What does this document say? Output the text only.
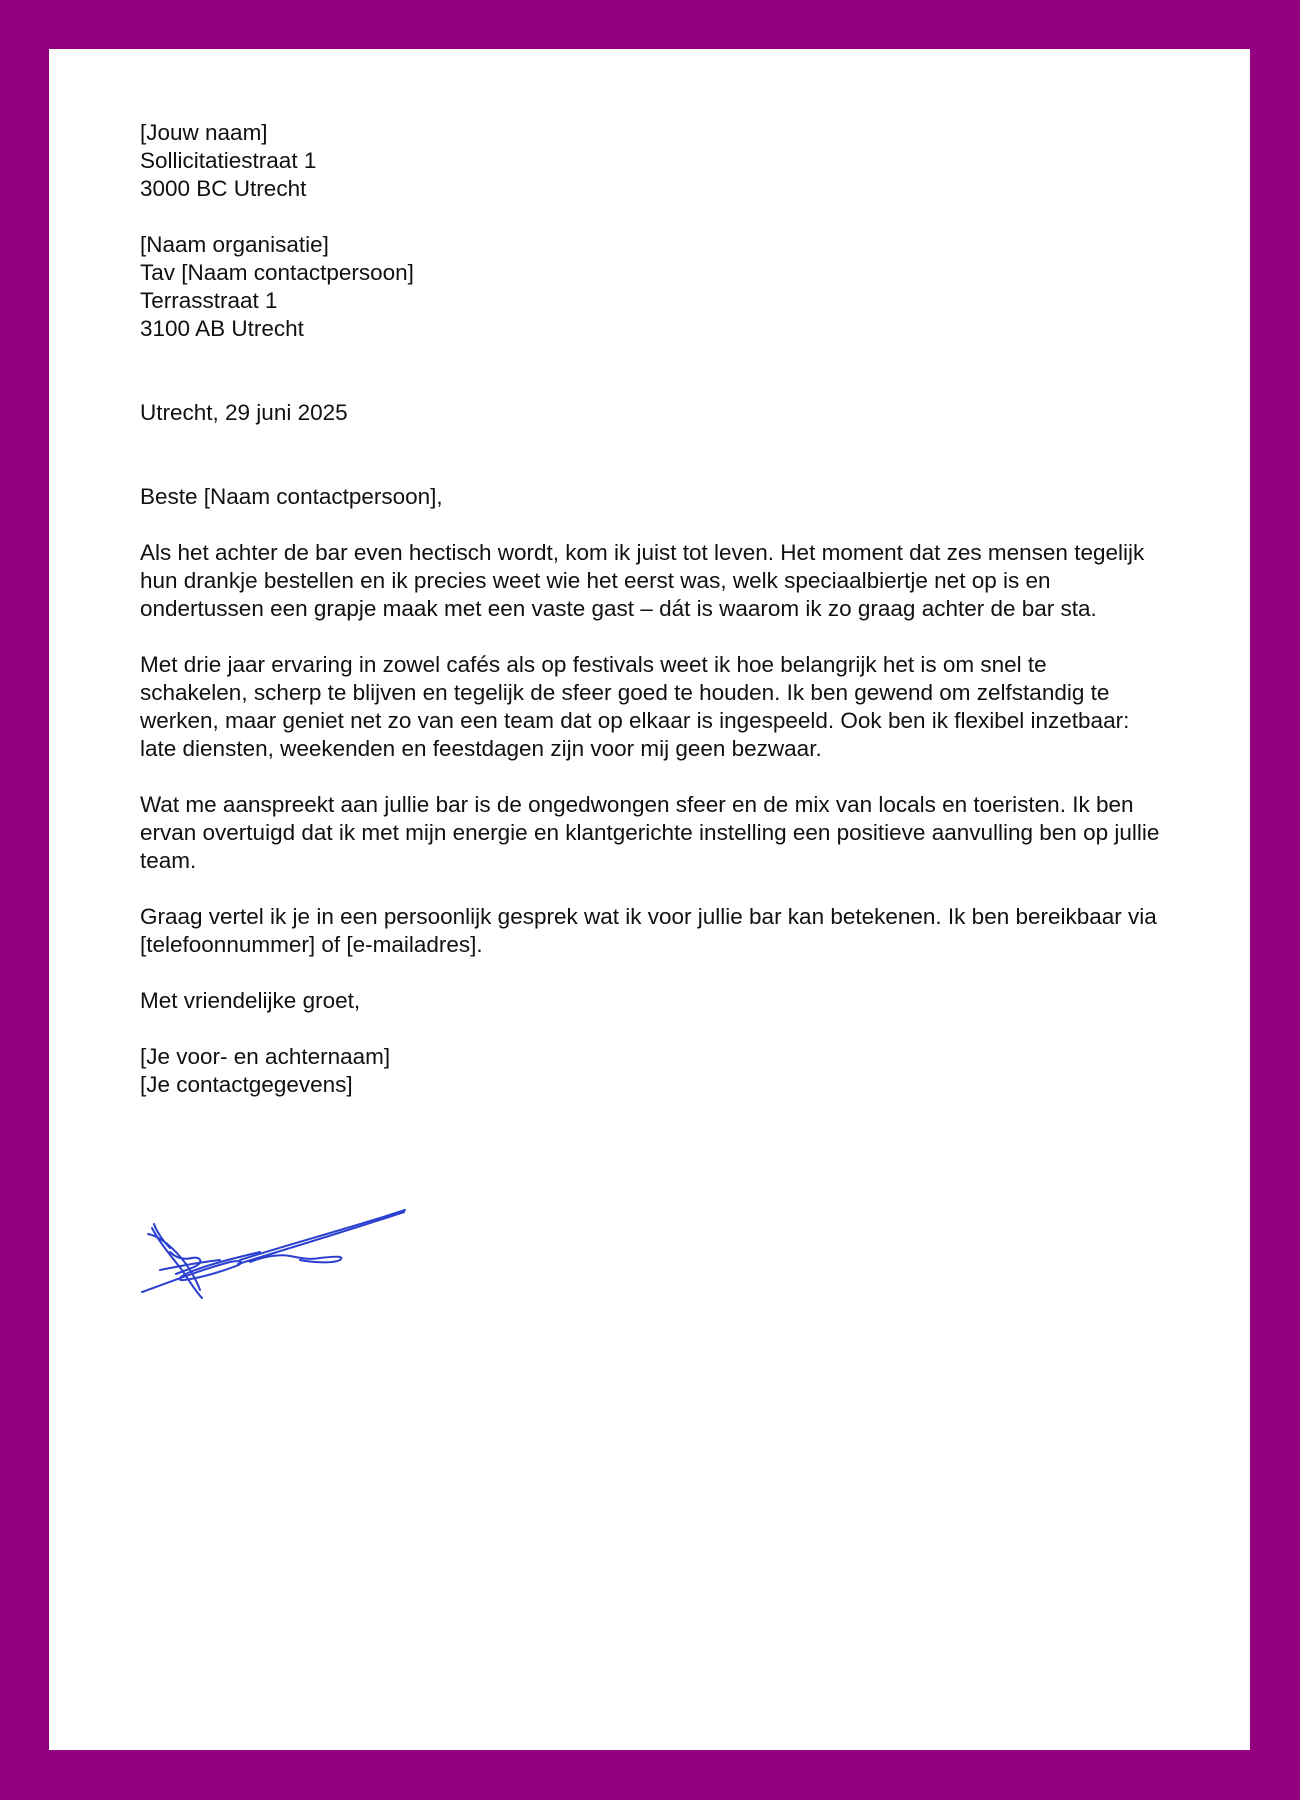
[Jouw naam]
Sollicitatiestraat 1
3000 BC Utrecht
[Naam organisatie]
Tav [Naam contactpersoon]
Terrasstraat 1
3100 AB Utrecht
Utrecht, 29 juni 2025
Beste [Naam contactpersoon],

Als het achter de bar even hectisch wordt, kom ik juist tot leven. Het moment dat zes mensen tegelijk hun drankje bestellen en ik precies weet wie het eerst was, welk speciaalbiertje net op is en ondertussen een grapje maak met een vaste gast – dát is waarom ik zo graag achter de bar sta.

Met drie jaar ervaring in zowel cafés als op festivals weet ik hoe belangrijk het is om snel te schakelen, scherp te blijven en tegelijk de sfeer goed te houden. Ik ben gewend om zelfstandig te werken, maar geniet net zo van een team dat op elkaar is ingespeeld. Ook ben ik flexibel inzetbaar: late diensten, weekenden en feestdagen zijn voor mij geen bezwaar.

Wat me aanspreekt aan jullie bar is de ongedwongen sfeer en de mix van locals en toeristen. Ik ben ervan overtuigd dat ik met mijn energie en klantgerichte instelling een positieve aanvulling ben op jullie team.

Graag vertel ik je in een persoonlijk gesprek wat ik voor jullie bar kan betekenen. Ik ben bereikbaar via [telefoonnummer] of [e-mailadres].

Met vriendelijke groet,
[Je voor- en achternaam]
[Je contactgegevens]
